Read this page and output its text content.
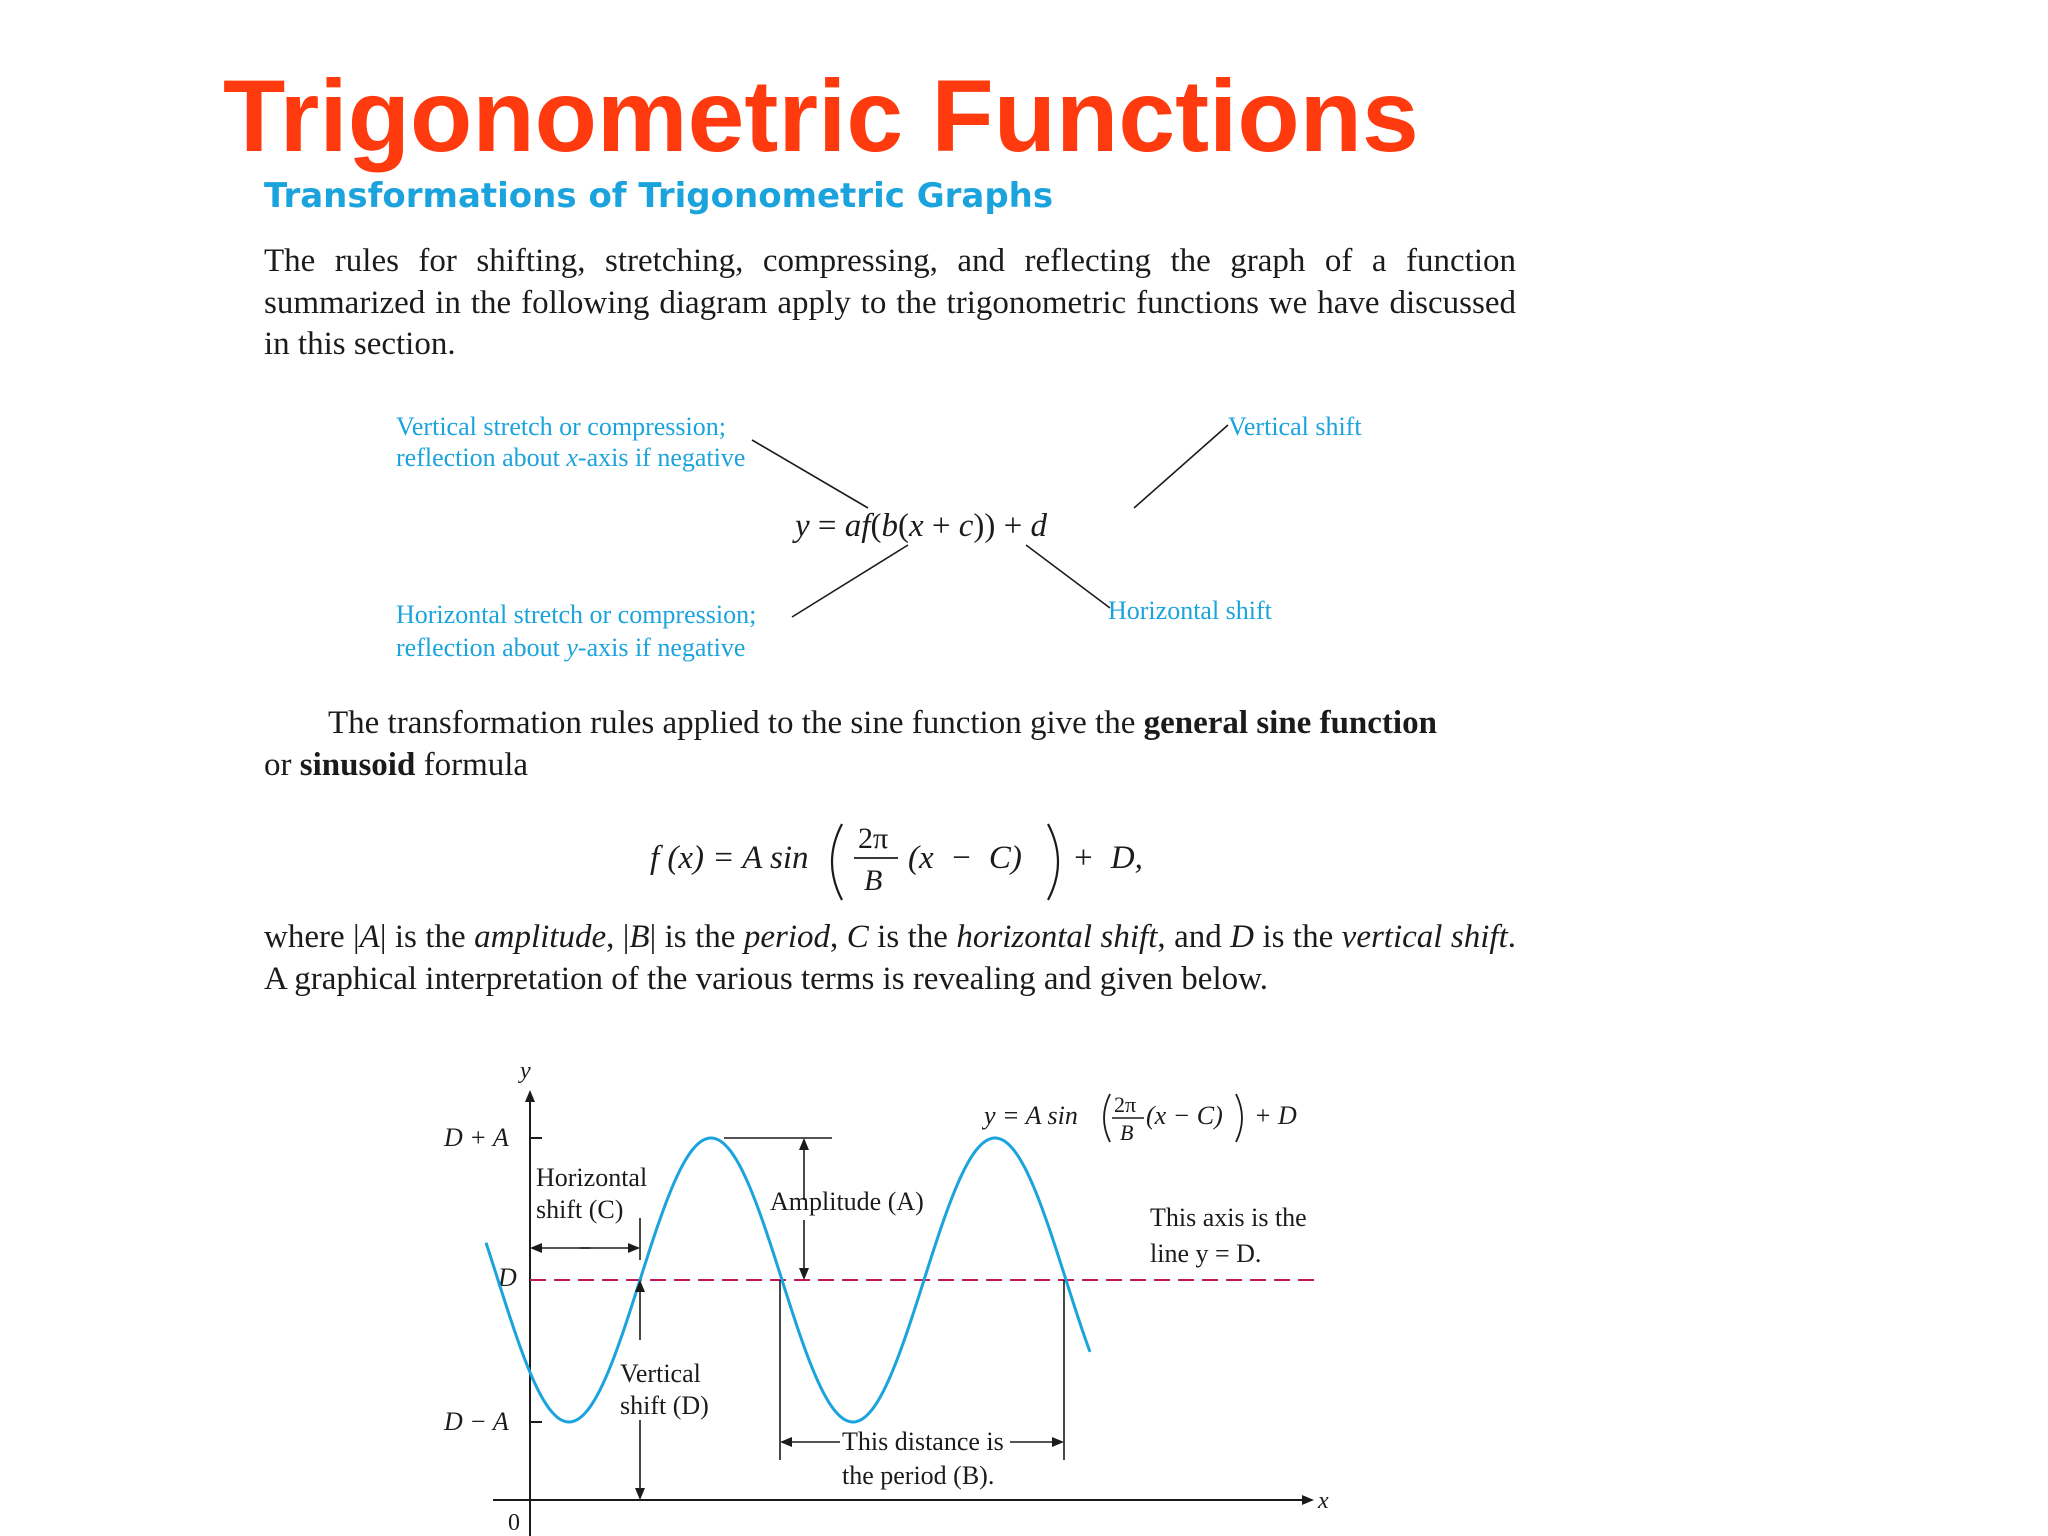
Trigonometric Functions
Transformations of Trigonometric Graphs

The rules for shifting, stretching, compressing, and reflecting the graph of a function summarized in the following diagram apply to the trigonometric functions we have discussed in this section.

Vertical stretch or compression;
reflection about x-axis if negative
Vertical shift
Horizontal stretch or compression;
reflection about y-axis if negative
Horizontal shift
y = af(b(x + c)) + d

The transformation rules applied to the sine function give the general sine function
or sinusoid formula

f (x) = A sin
2π
B
(x  −  C) +  D,

where |A| is the amplitude, |B| is the period, C is the horizontal shift, and D is the vertical shift. A graphical interpretation of the various terms is revealing and given below.

y
x
0
D + A
D
D − A
Horizontal
shift (C)	Amplitude (A)
This axis is the
line y = D.
Vertical
shift (D)
This distance is
the period (B).
y = A sin 2π
B
(x − C) + D
